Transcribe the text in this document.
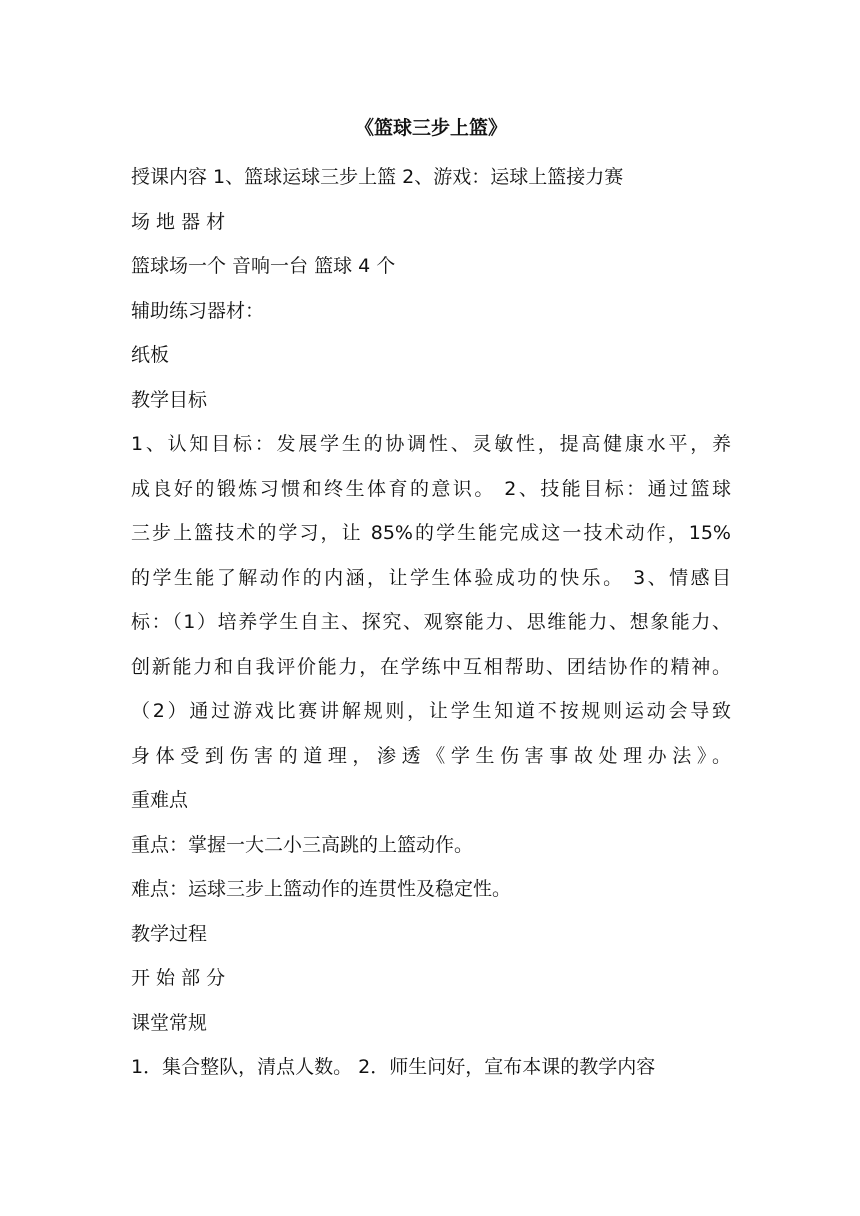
《篮球三步上篮》
授课内容 1、篮球运球三步上篮 2、游戏：运球上篮接力赛
场 地 器 材
篮球场一个 音响一台 篮球 4 个
辅助练习器材：
纸板
教学目标
1、认知目标：发展学生的协调性、灵敏性，提高健康水平，养
成良好的锻炼习惯和终生体育的意识。 2、技能目标：通过篮球
三步上篮技术的学习，让 85%的学生能完成这一技术动作，15%
的学生能了解动作的内涵，让学生体验成功的快乐。 3、情感目
标：（1）培养学生自主、探究、观察能力、思维能力、想象能力、
创新能力和自我评价能力，在学练中互相帮助、团结协作的精神。
（2）通过游戏比赛讲解规则，让学生知道不按规则运动会导致
身体受到伤害的道理，渗透《学生伤害事故处理办法》。
重难点
重点：掌握一大二小三高跳的上篮动作。
难点：运球三步上篮动作的连贯性及稳定性。
教学过程
开 始 部 分
课堂常规
1．集合整队，清点人数。 2．师生问好，宣布本课的教学内容
